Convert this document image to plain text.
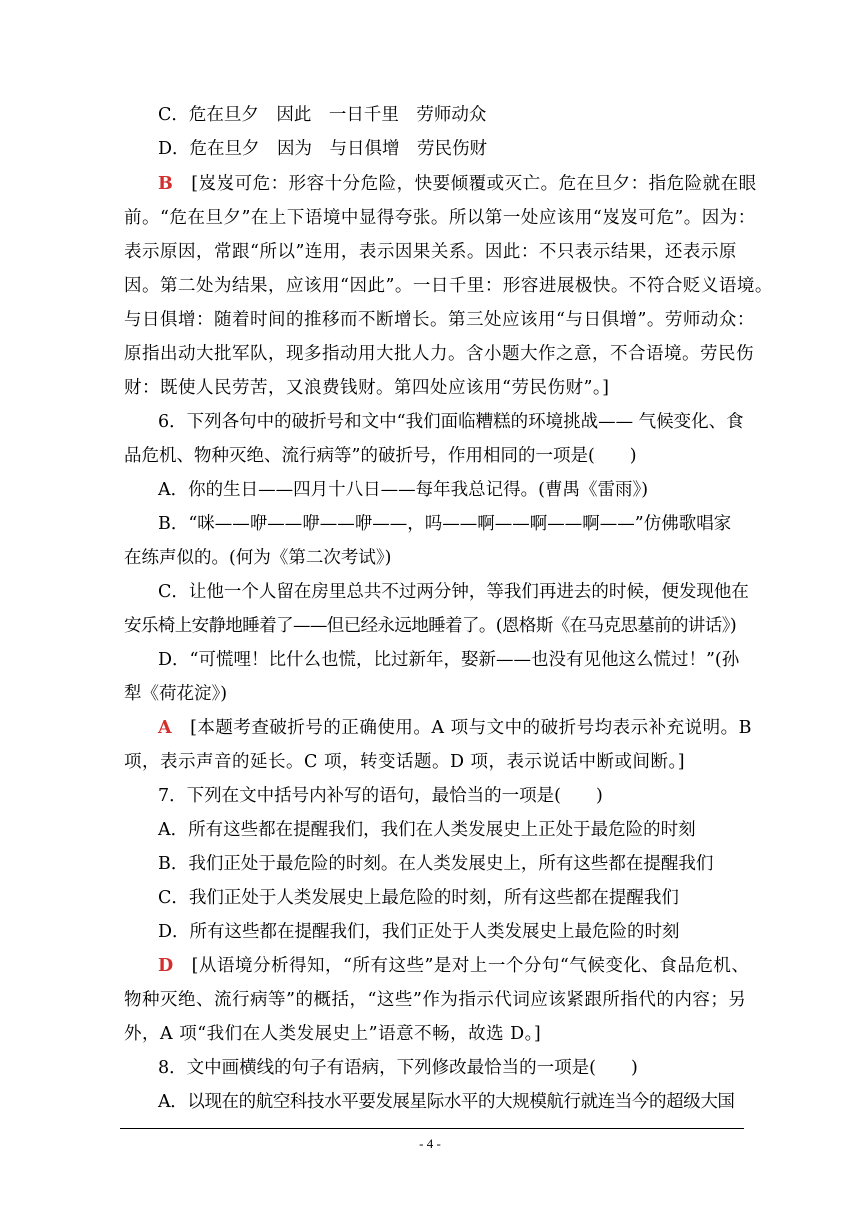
C．危在旦夕　因此　一日千里　劳师动众
D．危在旦夕　因为　与日俱增　劳民伤财
B　[岌岌可危：形容十分危险，快要倾覆或灭亡。危在旦夕：指危险就在眼
前。“危在旦夕”在上下语境中显得夸张。所以第一处应该用“岌岌可危”。因为：
表示原因，常跟“所以”连用，表示因果关系。因此：不只表示结果，还表示原
因。第二处为结果，应该用“因此”。一日千里：形容进展极快。不符合贬义语境。
与日俱增：随着时间的推移而不断增长。第三处应该用“与日俱增”。劳师动众：
原指出动大批军队，现多指动用大批人力。含小题大作之意，不合语境。劳民伤
财：既使人民劳苦，又浪费钱财。第四处应该用“劳民伤财”。]
6．下列各句中的破折号和文中“我们面临糟糕的环境挑战—— 气候变化、食
品危机、物种灭绝、流行病等”的破折号，作用相同的一项是(　　)
A．你的生日——四月十八日——每年我总记得。(曹禺《雷雨》)
B．“咪——咿——咿——咿——，吗——啊——啊——啊——”仿佛歌唱家
在练声似的。(何为《第二次考试》)
C．让他一个人留在房里总共不过两分钟，等我们再进去的时候，便发现他在
安乐椅上安静地睡着了——但已经永远地睡着了。(恩格斯《在马克思墓前的讲话》)
D．“可慌哩！比什么也慌，比过新年，娶新——也没有见他这么慌过！”(孙
犁《荷花淀》)
A　[本题考查破折号的正确使用。A 项与文中的破折号均表示补充说明。B
项，表示声音的延长。C 项，转变话题。D 项，表示说话中断或间断。]
7．下列在文中括号内补写的语句，最恰当的一项是(　　)
A．所有这些都在提醒我们，我们在人类发展史上正处于最危险的时刻
B．我们正处于最危险的时刻。在人类发展史上，所有这些都在提醒我们
C．我们正处于人类发展史上最危险的时刻，所有这些都在提醒我们
D．所有这些都在提醒我们，我们正处于人类发展史上最危险的时刻
D　[从语境分析得知，“所有这些”是对上一个分句“气候变化、食品危机、
物种灭绝、流行病等”的概括，“这些”作为指示代词应该紧跟所指代的内容；另
外，A 项“我们在人类发展史上”语意不畅，故选 D。]
8．文中画横线的句子有语病，下列修改最恰当的一项是(　　)
A．以现在的航空科技水平要发展星际水平的大规模航行就连当今的超级大国
- 4 -
